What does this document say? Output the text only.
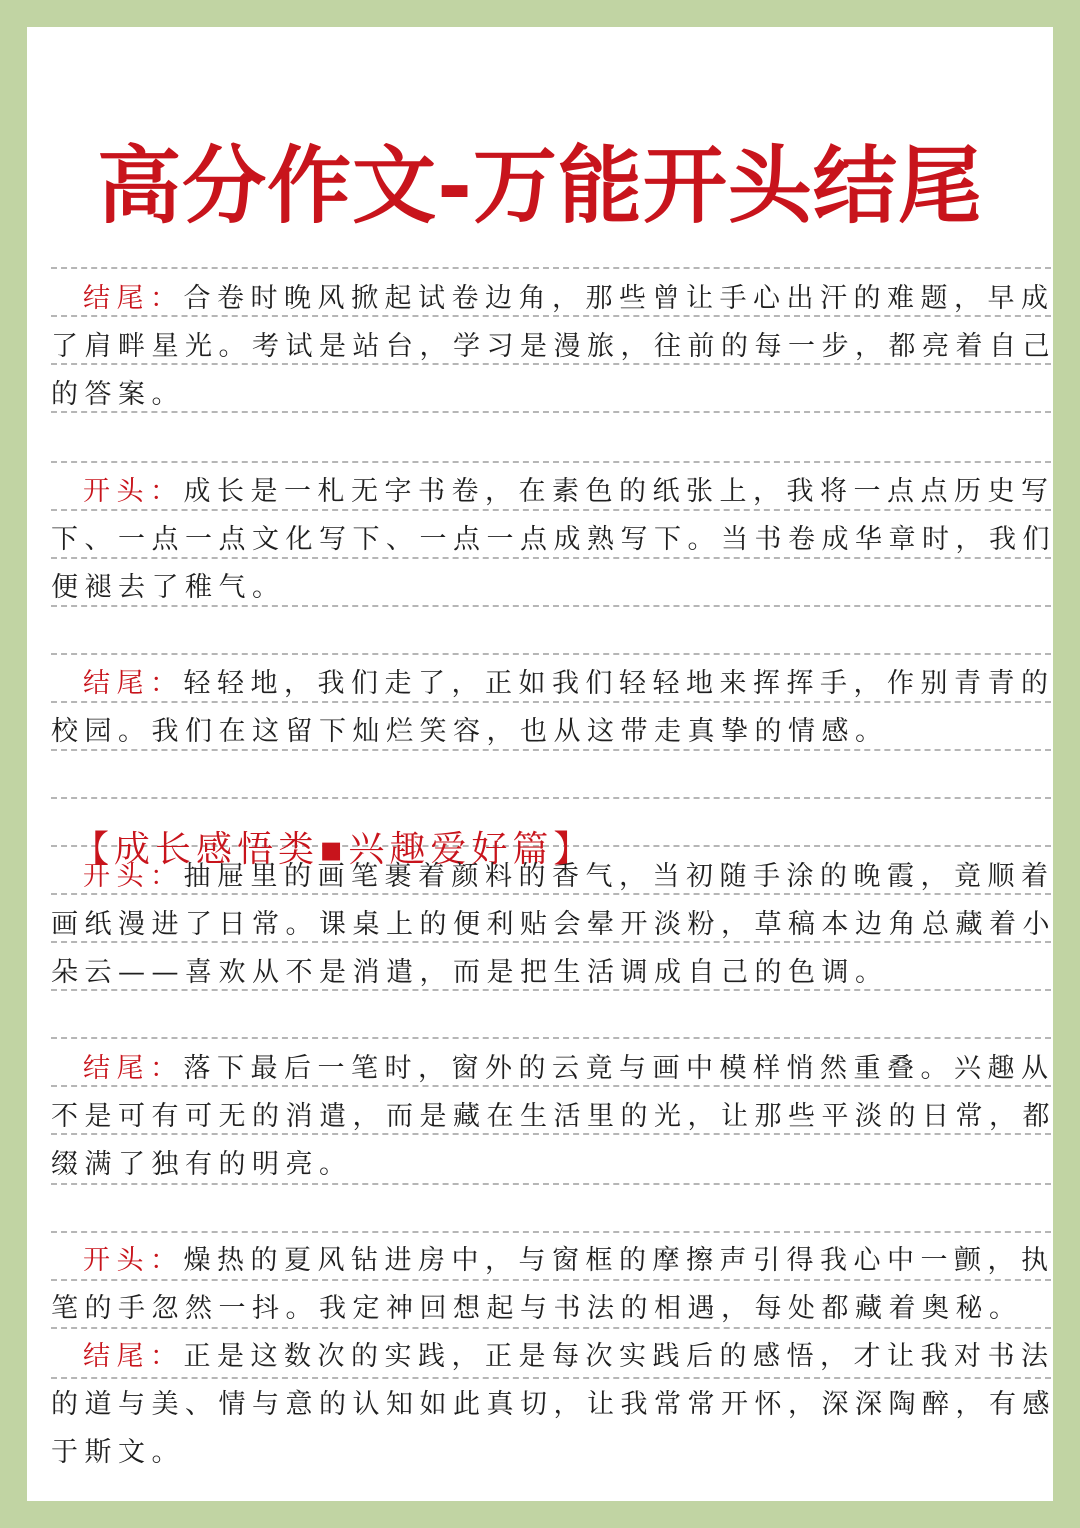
高分作文-万能开头结尾
结尾：合卷时晚风掀起试卷边角，那些曾让手心出汗的难题，早成
了肩畔星光。考试是站台，学习是漫旅，往前的每一步，都亮着自己
的答案。
开头：成长是一札无字书卷，在素色的纸张上，我将一点点历史写
下、一点一点文化写下、一点一点成熟写下。当书卷成华章时，我们
便褪去了稚气。
结尾：轻轻地，我们走了，正如我们轻轻地来挥挥手，作别青青的
校园。我们在这留下灿烂笑容，也从这带走真挚的情感。
【成长感悟类▪兴趣爱好篇】
开头：抽屉里的画笔裹着颜料的香气，当初随手涂的晚霞，竟顺着
画纸漫进了日常。课桌上的便利贴会晕开淡粉，草稿本边角总藏着小
朵云——喜欢从不是消遣，而是把生活调成自己的色调。
结尾：落下最后一笔时，窗外的云竟与画中模样悄然重叠。兴趣从
不是可有可无的消遣，而是藏在生活里的光，让那些平淡的日常，都
缀满了独有的明亮。
开头：燥热的夏风钻进房中，与窗框的摩擦声引得我心中一颤，执
笔的手忽然一抖。我定神回想起与书法的相遇，每处都藏着奥秘。
结尾：正是这数次的实践，正是每次实践后的感悟，才让我对书法
的道与美、情与意的认知如此真切，让我常常开怀，深深陶醉，有感
于斯文。
